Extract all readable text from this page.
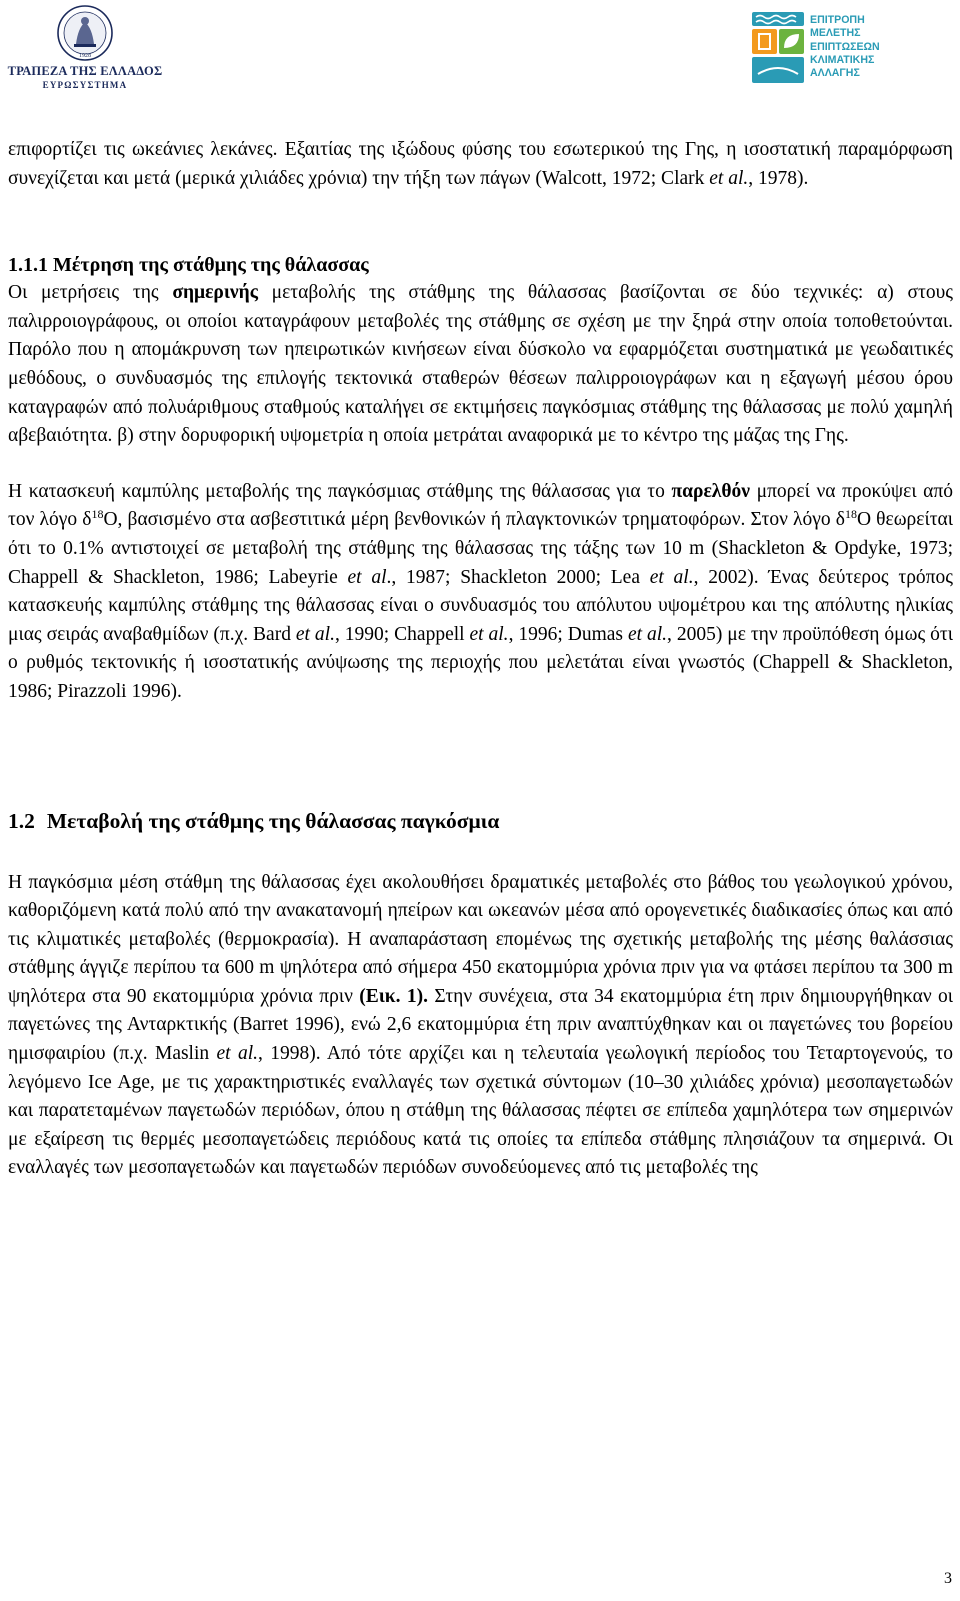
1928
ΤΡΑΠΕΖΑ ΤΗΣ ΕΛΛΑΔΟΣ
ΕΥΡΩΣΥΣΤΗΜΑ
ΕΠΙΤΡΟΠΗ
ΜΕΛΕΤΗΣ
ΕΠΙΠΤΩΣΕΩΝ
ΚΛΙΜΑΤΙΚΗΣ
ΑΛΛΑΓΗΣ

επιφορτίζει τις ωκεάνιες λεκάνες. Εξαιτίας της ιξώδους φύσης του εσωτερικού της Γης, η ισοστατική παραμόρφωση συνεχίζεται και μετά (μερικά χιλιάδες χρόνια) την τήξη των πάγων (Walcott, 1972; Clark et al., 1978).

1.1.1 Μέτρηση της στάθμης της θάλασσας

Οι μετρήσεις της σημερινής μεταβολής της στάθμης της θάλασσας βασίζονται σε δύο τεχνικές: α) στους παλιρροιογράφους, οι οποίοι καταγράφουν μεταβολές της στάθμης σε σχέση με την ξηρά στην οποία τοποθετούνται. Παρόλο που η απομάκρυνση των ηπειρωτικών κινήσεων είναι δύσκολο να εφαρμόζεται συστηματικά με γεωδαιτικές μεθόδους, ο συνδυασμός της επιλογής τεκτονικά σταθερών θέσεων παλιρροιογράφων και η εξαγωγή μέσου όρου καταγραφών από πολυάριθμους σταθμούς καταλήγει σε εκτιμήσεις παγκόσμιας στάθμης της θάλασσας με πολύ χαμηλή αβεβαιότητα. β) στην δορυφορική υψομετρία η οποία μετράται αναφορικά με το κέντρο της μάζας της Γης.

Η κατασκευή καμπύλης μεταβολής της παγκόσμιας στάθμης της θάλασσας για το παρελθόν μπορεί να προκύψει από τον λόγο $\delta^{18}O$, βασισμένο στα ασβεστιτικά μέρη βενθονικών ή πλαγκτονικών τρηματοφόρων. Στον λόγο $\delta^{18}O$ θεωρείται ότι το 0.1% αντιστοιχεί σε μεταβολή της στάθμης της θάλασσας της τάξης των 10 m (Shackleton & Opdyke, 1973; Chappell & Shackleton, 1986; Labeyrie et al., 1987; Shackleton 2000; Lea et al., 2002). Ένας δεύτερος τρόπος κατασκευής καμπύλης στάθμης της θάλασσας είναι ο συνδυασμός του απόλυτου υψομέτρου και της απόλυτης ηλικίας μιας σειράς αναβαθμίδων (π.χ. Bard et al., 1990; Chappell et al., 1996; Dumas et al., 2005) με την προϋπόθεση όμως ότι ο ρυθμός τεκτονικής ή ισοστατικής ανύψωσης της περιοχής που μελετάται είναι γνωστός (Chappell & Shackleton, 1986; Pirazzoli 1996).

1.2 Μεταβολή της στάθμης της θάλασσας παγκόσμια

Η παγκόσμια μέση στάθμη της θάλασσας έχει ακολουθήσει δραματικές μεταβολές στο βάθος του γεωλογικού χρόνου, καθοριζόμενη κατά πολύ από την ανακατανομή ηπείρων και ωκεανών μέσα από ορογενετικές διαδικασίες όπως και από τις κλιματικές μεταβολές (θερμοκρασία). Η αναπαράσταση επομένως της σχετικής μεταβολής της μέσης θαλάσσιας στάθμης άγγιζε περίπου τα 600 m ψηλότερα από σήμερα 450 εκατομμύρια χρόνια πριν για να φτάσει περίπου τα 300 m ψηλότερα στα 90 εκατομμύρια χρόνια πριν (Εικ. 1). Στην συνέχεια, στα 34 εκατομμύρια έτη πριν δημιουργήθηκαν οι παγετώνες της Ανταρκτικής (Barret 1996), ενώ 2,6 εκατομμύρια έτη πριν αναπτύχθηκαν και οι παγετώνες του βορείου ημισφαιρίου (π.χ. Maslin et al., 1998). Από τότε αρχίζει και η τελευταία γεωλογική περίοδος του Τεταρτογενούς, το λεγόμενο Ice Age, με τις χαρακτηριστικές εναλλαγές των σχετικά σύντομων (10–30 χιλιάδες χρόνια) μεσοπαγετωδών και παρατεταμένων παγετωδών περιόδων, όπου η στάθμη της θάλασσας πέφτει σε επίπεδα χαμηλότερα των σημερινών με εξαίρεση τις θερμές μεσοπαγετώδεις περιόδους κατά τις οποίες τα επίπεδα στάθμης πλησιάζουν τα σημερινά. Οι εναλλαγές των μεσοπαγετωδών και παγετωδών περιόδων συνοδεύομενες από τις μεταβολές της

3
